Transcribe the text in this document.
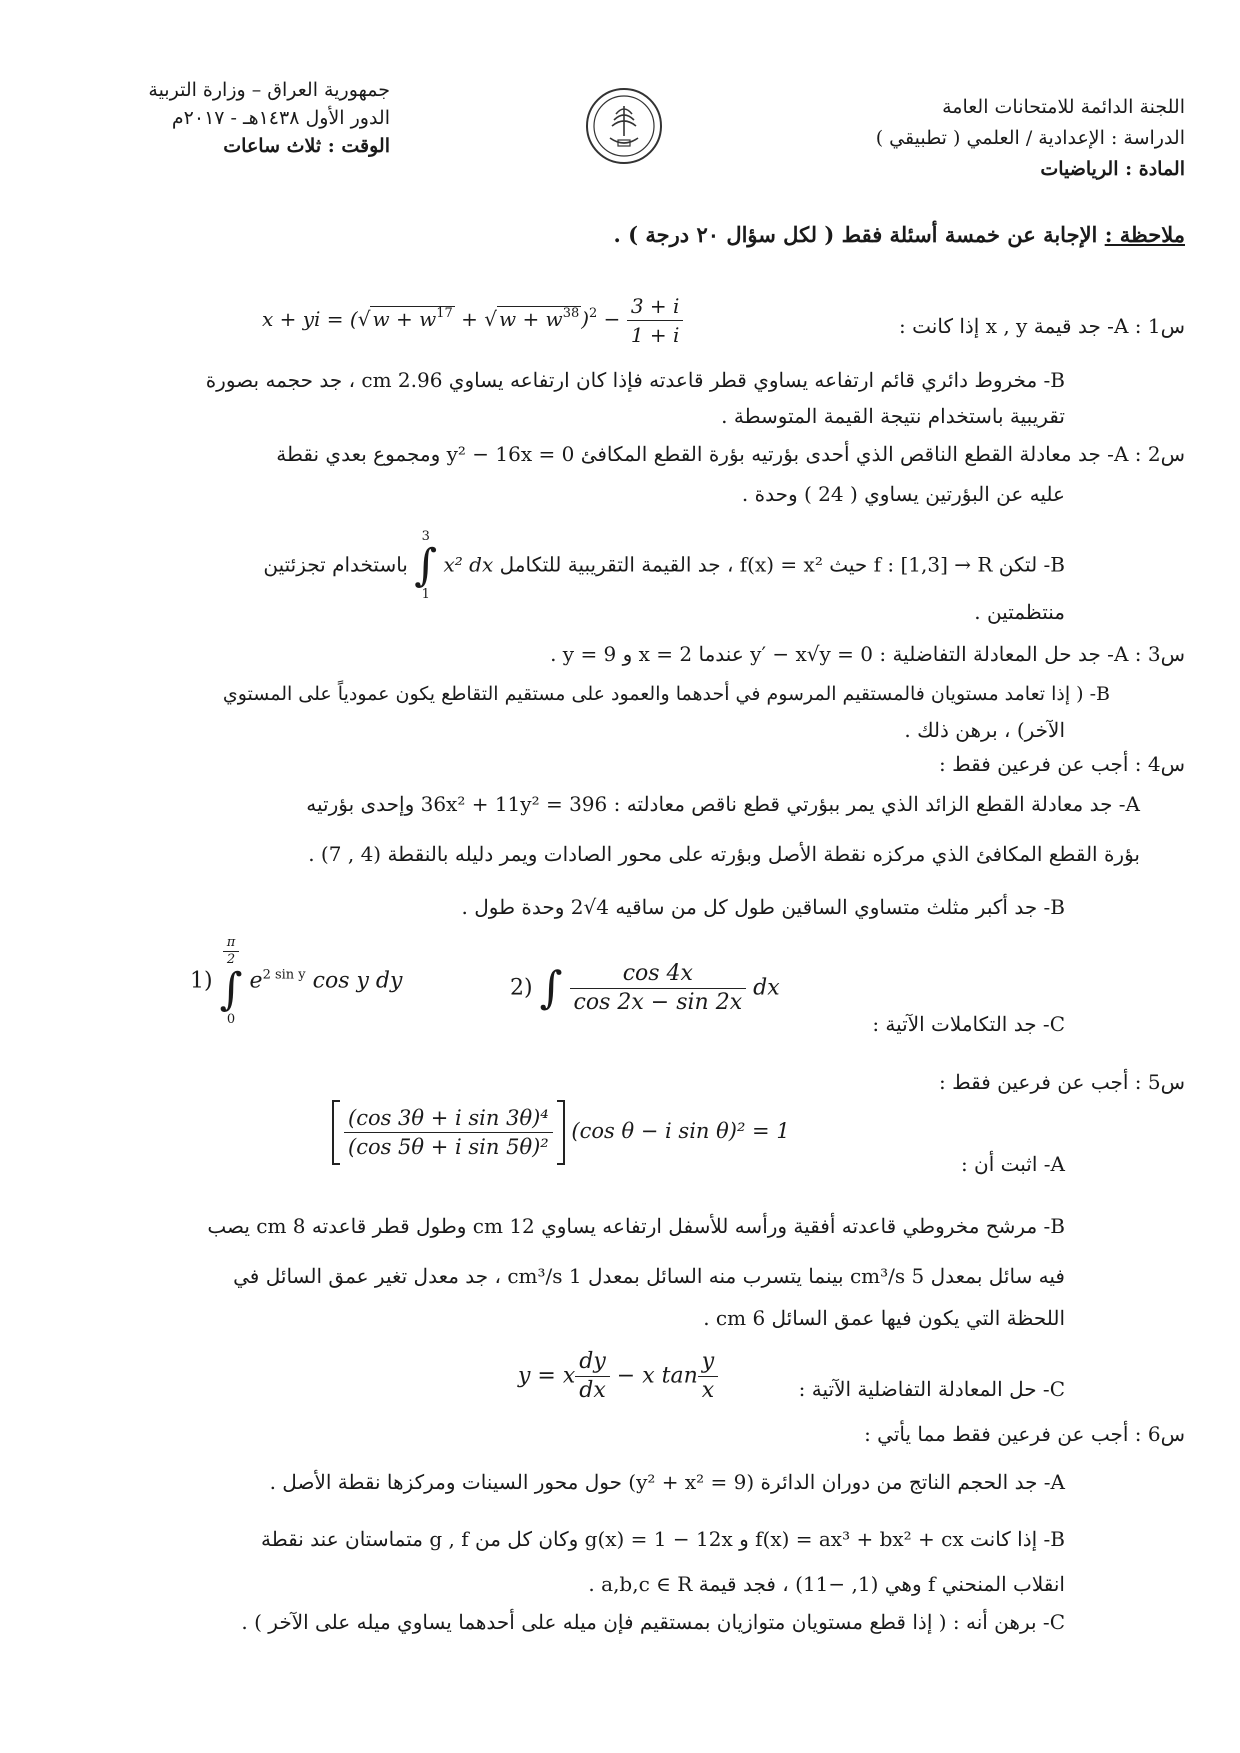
اللجنة الدائمة للامتحانات العامة
الدراسة : الإعدادية / العلمي ( تطبيقي )
المادة : الرياضيات
جمهورية العراق – وزارة التربية
الدور الأول ١٤٣٨هـ - ٢٠١٧م
الوقت : ثلاث ساعات
ملاحظة : الإجابة عن خمسة أسئلة فقط ( لكل سؤال ٢٠ درجة ) .
س1 : A- جد قيمة x , y إذا كانت :
x + yi = (√ $w + w^{17}$ + √ $w + w^{38}$ )$^2 - \frac{3 + i}{1 + i}$
B- مخروط دائري قائم ارتفاعه يساوي قطر قاعدته فإذا كان ارتفاعه يساوي 2.96 cm ، جد حجمه بصورة
تقريبية باستخدام نتيجة القيمة المتوسطة .
س2 : A- جد معادلة القطع الناقص الذي أحدى بؤرتيه بؤرة القطع المكافئ y² − 16x = 0 ومجموع بعدي نقطة
عليه عن البؤرتين يساوي ( 24 ) وحدة .
B- لتكن f : [1,3] → R حيث f(x) = x² ، جد القيمة التقريبية للتكامل
3
∫
1
x² dx باستخدام تجزئتين
منتظمتين .
س3 : A- جد حل المعادلة التفاضلية : y′ − x√y = 0 عندما x = 2 و y = 9 .
B- ( إذا تعامد مستويان فالمستقيم المرسوم في أحدهما والعمود على مستقيم التقاطع يكون عمودياً على المستوي
الآخر) ، برهن ذلك .
س4 : أجب عن فرعين فقط :
A- جد معادلة القطع الزائد الذي يمر ببؤرتي قطع ناقص معادلته : 36x² + 11y² = 396 وإحدى بؤرتيه
بؤرة القطع المكافئ الذي مركزه نقطة الأصل وبؤرته على محور الصادات ويمر دليله بالنقطة (4 , 7) .
B- جد أكبر مثلث متساوي الساقين طول كل من ساقيه 4√2 وحدة طول .
C- جد التكاملات الآتية :
1)
$\frac{\pi}{2}$
∫
0
$e^{2 sin y}$ cos y dy	2) ∫ $\frac{\cos 4x}{\cos 2x - \sin 2x}$ dx
س5 : أجب عن فرعين فقط :
A- اثبت أن :
$\frac{\text{(cos 3θ + i sin 3θ)⁴}}{\text{(cos 5θ + i sin 5θ)²}} (\cos$ θ − i sin θ)² = 1
B- مرشح مخروطي قاعدته أفقية ورأسه للأسفل ارتفاعه يساوي 12 cm وطول قطر قاعدته 8 cm يصب
فيه سائل بمعدل 5 cm³/s بينما يتسرب منه السائل بمعدل 1 cm³/s ، جد معدل تغير عمق السائل في
اللحظة التي يكون فيها عمق السائل 6 cm .
C- حل المعادلة التفاضلية الآتية :
y = x $\frac{dy}{dx} - x$ $\tan \frac{y}{x}$
س6 : أجب عن فرعين فقط مما يأتي :
A- جد الحجم الناتج من دوران الدائرة (y² + x² = 9) حول محور السينات ومركزها نقطة الأصل .
B- إذا كانت f(x) = ax³ + bx² + cx و g(x) = 1 − 12x وكان كل من g , f متماستان عند نقطة
انقلاب المنحني f وهي (1, −11) ، فجد قيمة a,b,c ∈ R .
C- برهن أنه : ( إذا قطع مستويان متوازيان بمستقيم فإن ميله على أحدهما يساوي ميله على الآخر ) .
